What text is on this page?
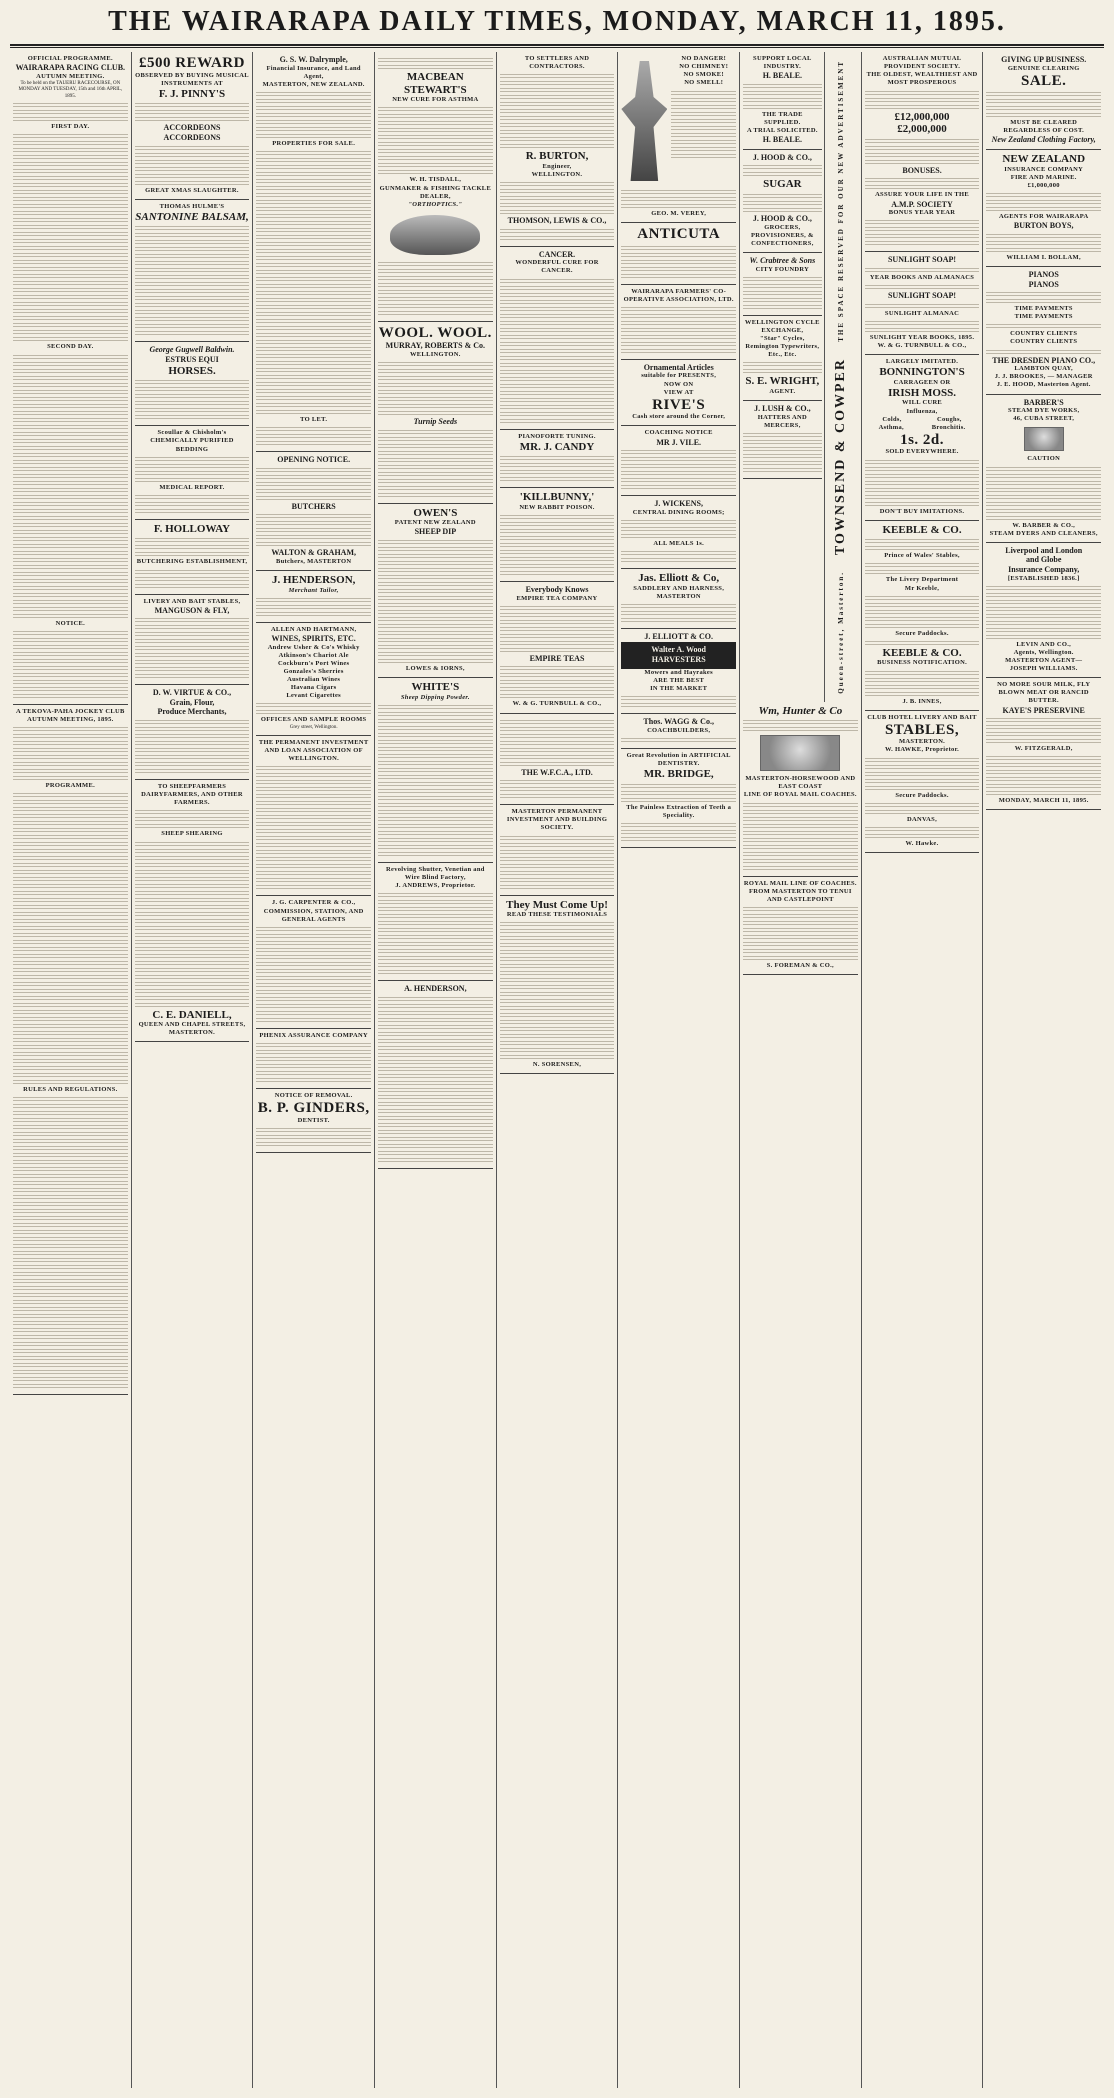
THE WAIRARAPA DAILY TIMES, MONDAY, MARCH 11, 1895.
OFFICIAL PROGRAMME.
WAIRARAPA RACING CLUB.
AUTUMN MEETING.
To be held on the TAUERU RACECOURSE, ON MONDAY AND TUESDAY, 15th and 16th APRIL, 1895.
FIRST DAY.
SECOND DAY.
NOTICE.
A TEKOVA-PAHA JOCKEY CLUB AUTUMN MEETING, 1895.
PROGRAMME.
RULES AND REGULATIONS.
£500 REWARD
OBSERVED BY BUYING MUSICAL INSTRUMENTS AT
F. J. PINNY'S
ACCORDEONS ACCORDEONS
GREAT XMAS SLAUGHTER.
THOMAS HULME'S
SANTONINE BALSAM,
George Gugwell Baldwin.
ESTRUS EQUI
HORSES.
Scoullar & Chisholm's CHEMICALLY PURIFIED BEDDING
MEDICAL REPORT.
F. HOLLOWAY
BUTCHERING ESTABLISHMENT,
LIVERY AND BAIT STABLES,
MANGUSON & FLY,
D. W. VIRTUE & CO.,
Grain, Flour,
Produce Merchants,
TO SHEEPFARMERS DAIRYFARMERS, AND OTHER FARMERS.
SHEEP SHEARING
C. E. DANIELL,
QUEEN AND CHAPEL STREETS, MASTERTON.
G. S. W. Dalrymple,
Financial Insurance, and Land Agent,
MASTERTON, NEW ZEALAND.
PROPERTIES FOR SALE.
TO LET.
OPENING NOTICE.
BUTCHERS
WALTON & GRAHAM,
Butchers, MASTERTON
J. HENDERSON,
Merchant Tailor,
ALLEN AND HARTMANN,
WINES, SPIRITS, ETC.
Andrew Usher & Co's Whisky
Atkinson's Chariot Ale
Cockburn's Port Wines
Gonzales's Sherries
Australian Wines
Havana Cigars
Levant Cigarettes
OFFICES AND SAMPLE ROOMS
Grey street, Wellington.
THE PERMANENT INVESTMENT AND LOAN ASSOCIATION OF WELLINGTON.
J. G. CARPENTER & CO.,
COMMISSION, STATION, AND GENERAL AGENTS
PHENIX ASSURANCE COMPANY
NOTICE OF REMOVAL.
B. P. GINDERS,
DENTIST.
MACBEAN STEWART'S
NEW CURE FOR ASTHMA
W. H. TISDALL,
GUNMAKER & FISHING TACKLE DEALER,
"ORTHOPTICS."
WOOL. WOOL.
MURRAY, ROBERTS & Co.
WELLINGTON.
Turnip Seeds
OWEN'S
PATENT NEW ZEALAND
SHEEP DIP
LOWES & IORNS,
WHITE'S
Sheep Dipping Powder.
Revolving Shutter, Venetian and Wire Blind Factory,
J. ANDREWS, Proprietor.
A. HENDERSON,
TO SETTLERS AND CONTRACTORS.
R. BURTON,
Engineer,
WELLINGTON.
THOMSON, LEWIS & CO.,
CANCER.
WONDERFUL CURE FOR CANCER.
PIANOFORTE TUNING.
MR. J. CANDY
'KILLBUNNY,'
NEW RABBIT POISON.
Everybody Knows
EMPIRE TEA COMPANY
EMPIRE TEAS
W. & G. TURNBULL & CO.,
THE W.F.C.A., LTD.
MASTERTON PERMANENT INVESTMENT AND BUILDING SOCIETY.
They Must Come Up!
READ THESE TESTIMONIALS
N. SORENSEN,
NO DANGER!
NO CHIMNEY!
NO SMOKE!
NO SMELL!
GEO. M. VEREY,
ANTICUTA
WAIRARAPA FARMERS' CO-OPERATIVE ASSOCIATION, LTD.
Ornamental Articles
suitable for PRESENTS,
NOW ON
VIEW AT
RIVE'S
Cash store around the Corner,
COACHING NOTICE
MR J. VILE.
J. WICKENS,
CENTRAL DINING ROOMS;
ALL MEALS 1s.
Jas. Elliott & Co,
SADDLERY AND HARNESS,
MASTERTON
J. ELLIOTT & CO.
Walter A. Wood
HARVESTERS
Mowers and Hayrakes
ARE THE BEST
IN THE MARKET
Thos. WAGG & Co.,
COACHBUILDERS,
Great Revolution in ARTIFICIAL DENTISTRY.
MR. BRIDGE,
The Painless Extraction of Teeth a Speciality.
SUPPORT LOCAL INDUSTRY.
H. BEALE.
THE TRADE SUPPLIED.
A TRIAL SOLICITED.
H. BEALE.
J. HOOD & CO.,
SUGAR
J. HOOD & CO.,
GROCERS, PROVISIONERS, & CONFECTIONERS,
W. Crabtree & Sons
CITY FOUNDRY
WELLINGTON CYCLE EXCHANGE,
"Star" Cycles,
Remington Typewriters,
Etc., Etc.
S. E. WRIGHT,
AGENT.
J. LUSH & CO.,
HATTERS AND MERCERS,
THE SPACE RESERVED FOR OUR NEW ADVERTISEMENT
TOWNSEND & COWPER
Queen-street, Masterton.
Wm, Hunter & Co
MASTERTON-HORSEWOOD AND EAST COAST
LINE OF ROYAL MAIL COACHES.
ROYAL MAIL LINE OF COACHES.
FROM MASTERTON TO TENUI AND CASTLEPOINT
S. FOREMAN & CO.,
AUSTRALIAN MUTUAL PROVIDENT SOCIETY.
THE OLDEST, WEALTHIEST AND MOST PROSPEROUS
£12,000,000
£2,000,000
BONUSES.
ASSURE YOUR LIFE IN THE
A.M.P. SOCIETY
BONUS YEAR YEAR
SUNLIGHT SOAP!
YEAR BOOKS AND ALMANACS
SUNLIGHT SOAP!
SUNLIGHT ALMANAC
SUNLIGHT YEAR BOOKS, 1895.
W. & G. TURNBULL & CO.,
LARGELY IMITATED.
BONNINGTON'S
CARRAGEEN OR
IRISH MOSS.
WILL CURE
Influenza,
Colds,	Coughs,
Asthma,	Bronchitis.
1s. 2d.
SOLD EVERYWHERE.
DON'T BUY IMITATIONS.
KEEBLE & CO.
Prince of Wales' Stables,
The Livery Department
Mr Keeble,
Secure Paddocks.
KEEBLE & CO.
BUSINESS NOTIFICATION.
J. B. INNES,
CLUB HOTEL LIVERY AND BAIT
STABLES,
MASTERTON.
W. HAWKE, Proprietor.
Secure Paddocks.
DANVAS,
W. Hawke.
GIVING UP BUSINESS.
GENUINE CLEARING
SALE.
MUST BE CLEARED REGARDLESS OF COST.
New Zealand Clothing Factory,
NEW ZEALAND
INSURANCE COMPANY
FIRE AND MARINE.
£1,000,000
AGENTS FOR WAIRARAPA
BURTON BOYS,
WILLIAM I. BOLLAM,
PIANOS
PIANOS
TIME PAYMENTS
TIME PAYMENTS
COUNTRY CLIENTS
COUNTRY CLIENTS
THE DRESDEN PIANO CO.,
LAMBTON QUAY,
J. J. BROOKES, — MANAGER
J. E. HOOD, Masterton Agent.
BARBER'S
STEAM DYE WORKS,
46, CUBA STREET,
CAUTION
W. BARBER & CO.,
STEAM DYERS AND CLEANERS,
Liverpool and London
and Globe
Insurance Company,
[ESTABLISHED 1836.]
LEVIN AND CO.,
Agents, Wellington.
MASTERTON AGENT—
JOSEPH WILLIAMS.
NO MORE SOUR MILK, FLY BLOWN MEAT OR RANCID BUTTER.
KAYE'S PRESERVINE
W. FITZGERALD,
MONDAY, MARCH 11, 1895.
